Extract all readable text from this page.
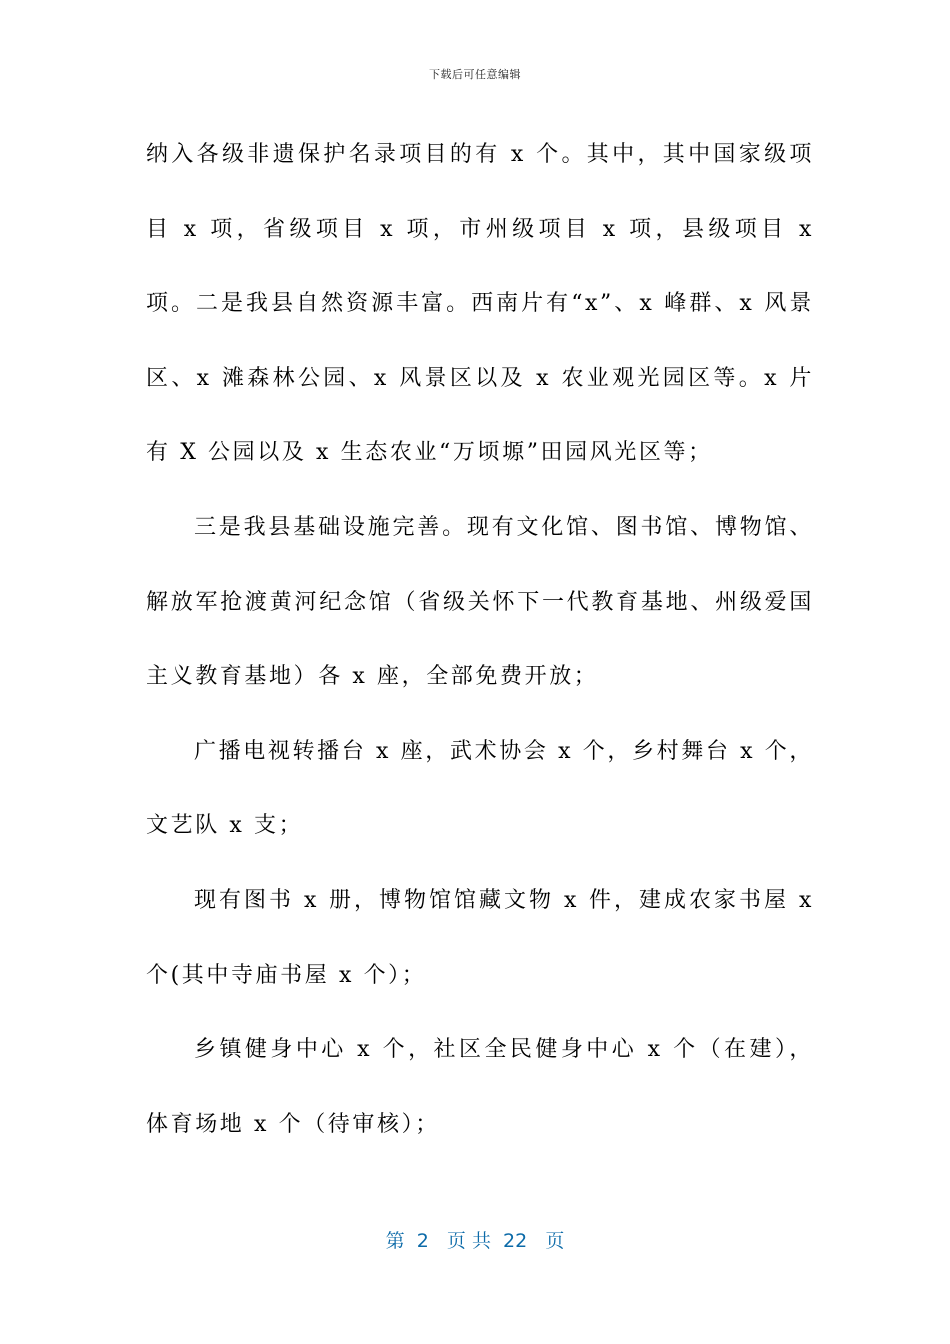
下载后可任意编辑

纳入各级非遗保护名录项目的有 x 个。其中，其中国家级项目 x 项，省级项目 x 项，市州级项目 x 项，县级项目 x 项。二是我县自然资源丰富。西南片有“x”、x 峰群、x 风景区、x 滩森林公园、x 风景区以及 x 农业观光园区等。x 片有 X 公园以及 x 生态农业“万顷塬”田园风光区等；

三是我县基础设施完善。现有文化馆、图书馆、博物馆、解放军抢渡黄河纪念馆（省级关怀下一代教育基地、州级爱国主义教育基地）各 x 座，全部免费开放；

广播电视转播台 x 座，武术协会 x 个，乡村舞台 x 个，文艺队 x 支；

现有图书 x 册，博物馆馆藏文物 x 件，建成农家书屋 x 个(其中寺庙书屋 x 个）；

乡镇健身中心 x 个，社区全民健身中心 x 个（在建），体育场地 x 个（待审核）；

第  2   页 共  22   页
